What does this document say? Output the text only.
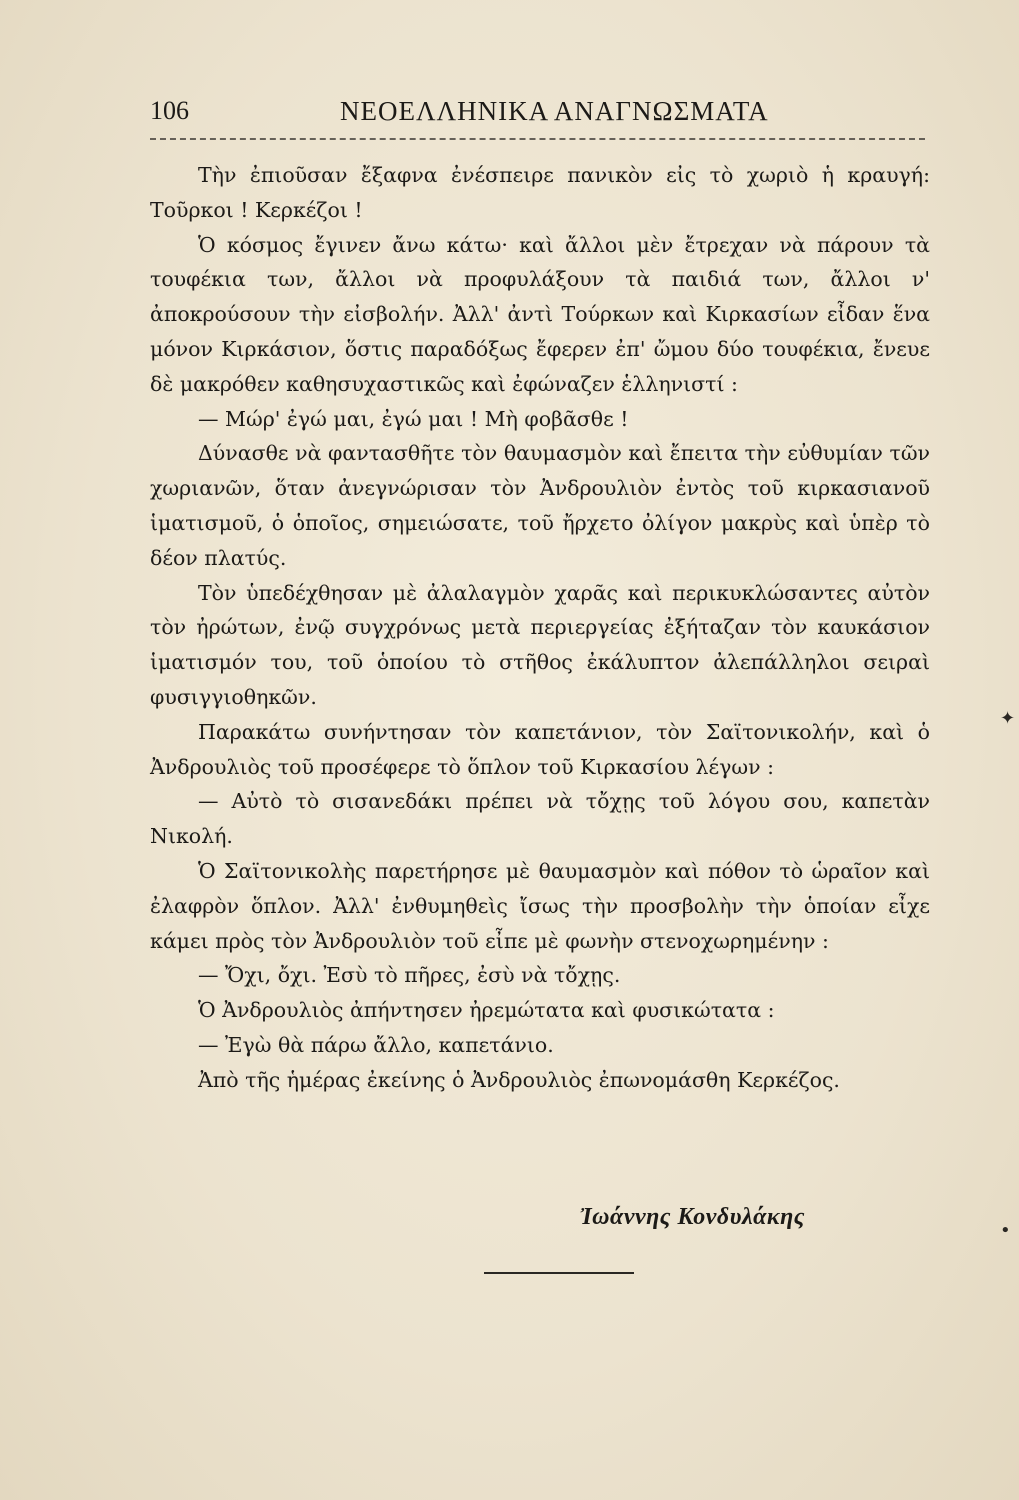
106	ΝΕΟΕΛΛΗΝΙΚΑ ΑΝΑΓΝΩΣΜΑΤΑ

Τὴν ἐπιοῦσαν ἔξαφνα ἐνέσπειρε πανικὸν εἰς τὸ χωριὸ ἡ κραυγή: Τοῦρκοι ! Κερκέζοι !

Ὁ κόσμος ἔγινεν ἄνω κάτω· καὶ ἄλλοι μὲν ἔτρεχαν νὰ πάρουν τὰ τουφέκια των, ἄλλοι νὰ προφυλάξουν τὰ παιδιά των, ἄλλοι ν' ἀποκρούσουν τὴν εἰσβολήν. Ἀλλ' ἀντὶ Τούρκων καὶ Κιρκασίων εἶδαν ἕνα μόνον Κιρκάσιον, ὅστις παραδόξως ἔφερεν ἐπ' ὤμου δύο τουφέκια, ἔνευε δὲ μακρόθεν καθησυχαστικῶς καὶ ἐφώναζεν ἑλληνιστί :

— Μώρ' ἐγώ μαι, ἐγώ μαι ! Μὴ φοβᾶσθε !

Δύνασθε νὰ φαντασθῆτε τὸν θαυμασμὸν καὶ ἔπειτα τὴν εὐθυμίαν τῶν χωριανῶν, ὅταν ἀνεγνώρισαν τὸν Ἀνδρουλιὸν ἐντὸς τοῦ κιρκασιανοῦ ἱματισμοῦ, ὁ ὁποῖος, σημειώσατε, τοῦ ἤρχετο ὀλίγον μακρὺς καὶ ὑπὲρ τὸ δέον πλατύς.

Τὸν ὑπεδέχθησαν μὲ ἀλαλαγμὸν χαρᾶς καὶ περικυκλώσαντες αὐτὸν τὸν ἠρώτων, ἐνῷ συγχρόνως μετὰ περιεργείας ἐξήταζαν τὸν καυκάσιον ἱματισμόν του, τοῦ ὁποίου τὸ στῆθος ἐκάλυπτον ἀλεπάλληλοι σειραὶ φυσιγγιοθηκῶν.

Παρακάτω συνήντησαν τὸν καπετάνιον, τὸν Σαϊτονικολήν, καὶ ὁ Ἀνδρουλιὸς τοῦ προσέφερε τὸ ὅπλον τοῦ Κιρκασίου λέγων :

— Αὐτὸ τὸ σισανεδάκι πρέπει νὰ τὄχῃς τοῦ λόγου σου, καπετὰν Νικολή.

Ὁ Σαϊτονικολὴς παρετήρησε μὲ θαυμασμὸν καὶ πόθον τὸ ὡραῖον καὶ ἐλαφρὸν ὅπλον. Ἀλλ' ἐνθυμηθεὶς ἴσως τὴν προσβολὴν τὴν ὁποίαν εἶχε κάμει πρὸς τὸν Ἀνδρουλιὸν τοῦ εἶπε μὲ φωνὴν στενοχωρημένην :

— Ὄχι, ὄχι. Ἐσὺ τὸ πῆρες, ἐσὺ νὰ τὄχῃς.

Ὁ Ἀνδρουλιὸς ἀπήντησεν ἠρεμώτατα καὶ φυσικώτατα :

— Ἐγὼ θὰ πάρω ἄλλο, καπετάνιο.

Ἀπὸ τῆς ἡμέρας ἐκείνης ὁ Ἀνδρουλιὸς ἐπωνομάσθη Κερκέζος.

Ἰωάννης Κονδυλάκης
✦
•
